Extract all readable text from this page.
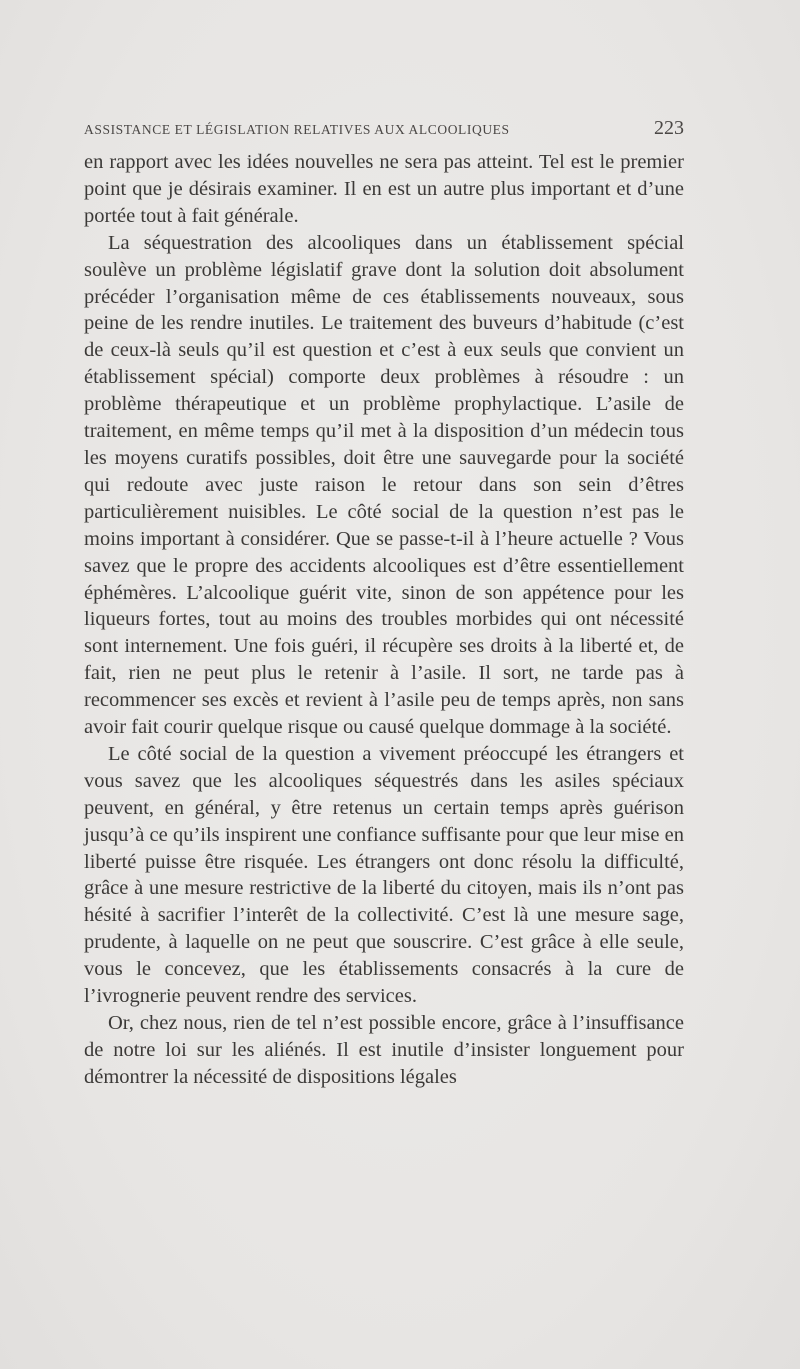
ASSISTANCE ET LÉGISLATION RELATIVES AUX ALCOOLIQUES	223

en rapport avec les idées nouvelles ne sera pas atteint. Tel est le premier point que je désirais examiner. Il en est un autre plus important et d’une portée tout à fait générale.

La séquestration des alcooliques dans un établissement spécial soulève un problème législatif grave dont la solution doit absolument précéder l’organisation même de ces établissements nouveaux, sous peine de les rendre inutiles. Le traitement des buveurs d’habitude (c’est de ceux-là seuls qu’il est question et c’est à eux seuls que convient un établissement spécial) comporte deux problèmes à résoudre : un problème thérapeutique et un problème prophylactique. L’asile de traitement, en même temps qu’il met à la disposition d’un médecin tous les moyens curatifs possibles, doit être une sauvegarde pour la société qui redoute avec juste raison le retour dans son sein d’êtres particulièrement nuisibles. Le côté social de la question n’est pas le moins important à considérer. Que se passe-t-il à l’heure actuelle ? Vous savez que le propre des accidents alcooliques est d’être essentiellement éphémères. L’alcoolique guérit vite, sinon de son appétence pour les liqueurs fortes, tout au moins des troubles morbides qui ont nécessité sont internement. Une fois guéri, il récupère ses droits à la liberté et, de fait, rien ne peut plus le retenir à l’asile. Il sort, ne tarde pas à recommencer ses excès et revient à l’asile peu de temps après, non sans avoir fait courir quelque risque ou causé quelque dommage à la société.

Le côté social de la question a vivement préoccupé les étrangers et vous savez que les alcooliques séquestrés dans les asiles spéciaux peuvent, en général, y être retenus un certain temps après guérison jusqu’à ce qu’ils inspirent une confiance suffisante pour que leur mise en liberté puisse être risquée. Les étrangers ont donc résolu la difficulté, grâce à une mesure restrictive de la liberté du citoyen, mais ils n’ont pas hésité à sacrifier l’interêt de la collectivité. C’est là une mesure sage, prudente, à laquelle on ne peut que souscrire. C’est grâce à elle seule, vous le concevez, que les établissements consacrés à la cure de l’ivrognerie peuvent rendre des services.

Or, chez nous, rien de tel n’est possible encore, grâce à l’insuffisance de notre loi sur les aliénés. Il est inutile d’insister longuement pour démontrer la nécessité de dispositions légales
